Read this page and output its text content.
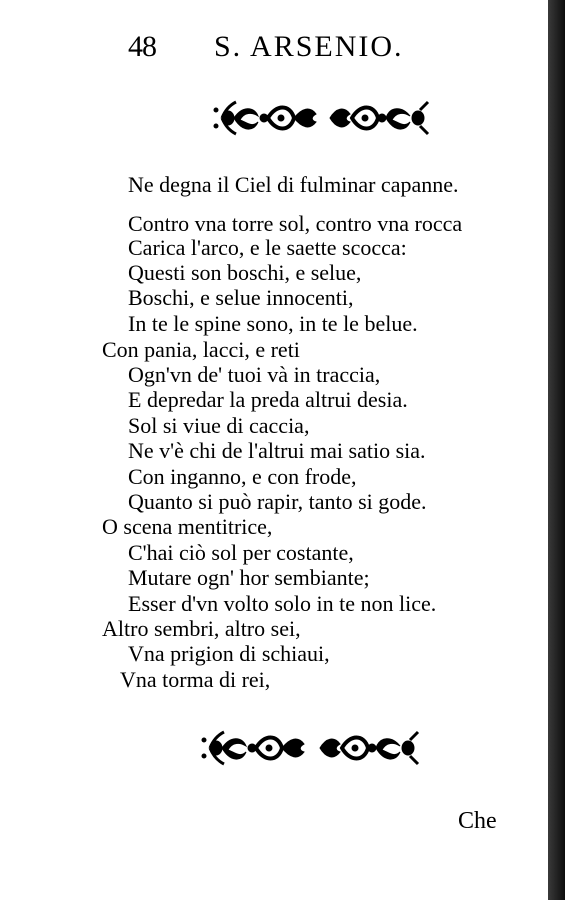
48 S. ARSENIO.
Ne degna il Ciel di fulminar capanne.
Contro vna torre sol, contro vna rocca
Carica l'arco, e le saette scocca:
Questi son boschi, e selue,
Boschi, e selue innocenti,
In te le spine sono, in te le belue.
Con pania, lacci, e reti
Ogn'vn de' tuoi và in traccia,
E depredar la preda altrui desia.
Sol si viue di caccia,
Ne v'è chi de l'altrui mai satio sia.
Con inganno, e con frode,
Quanto si può rapir, tanto si gode.
O scena mentitrice,
C'hai ciò sol per costante,
Mutare ogn' hor sembiante;
Esser d'vn volto solo in te non lice.
Altro sembri, altro sei,
Vna prigion di schiaui,
Vna torma di rei,
Che
